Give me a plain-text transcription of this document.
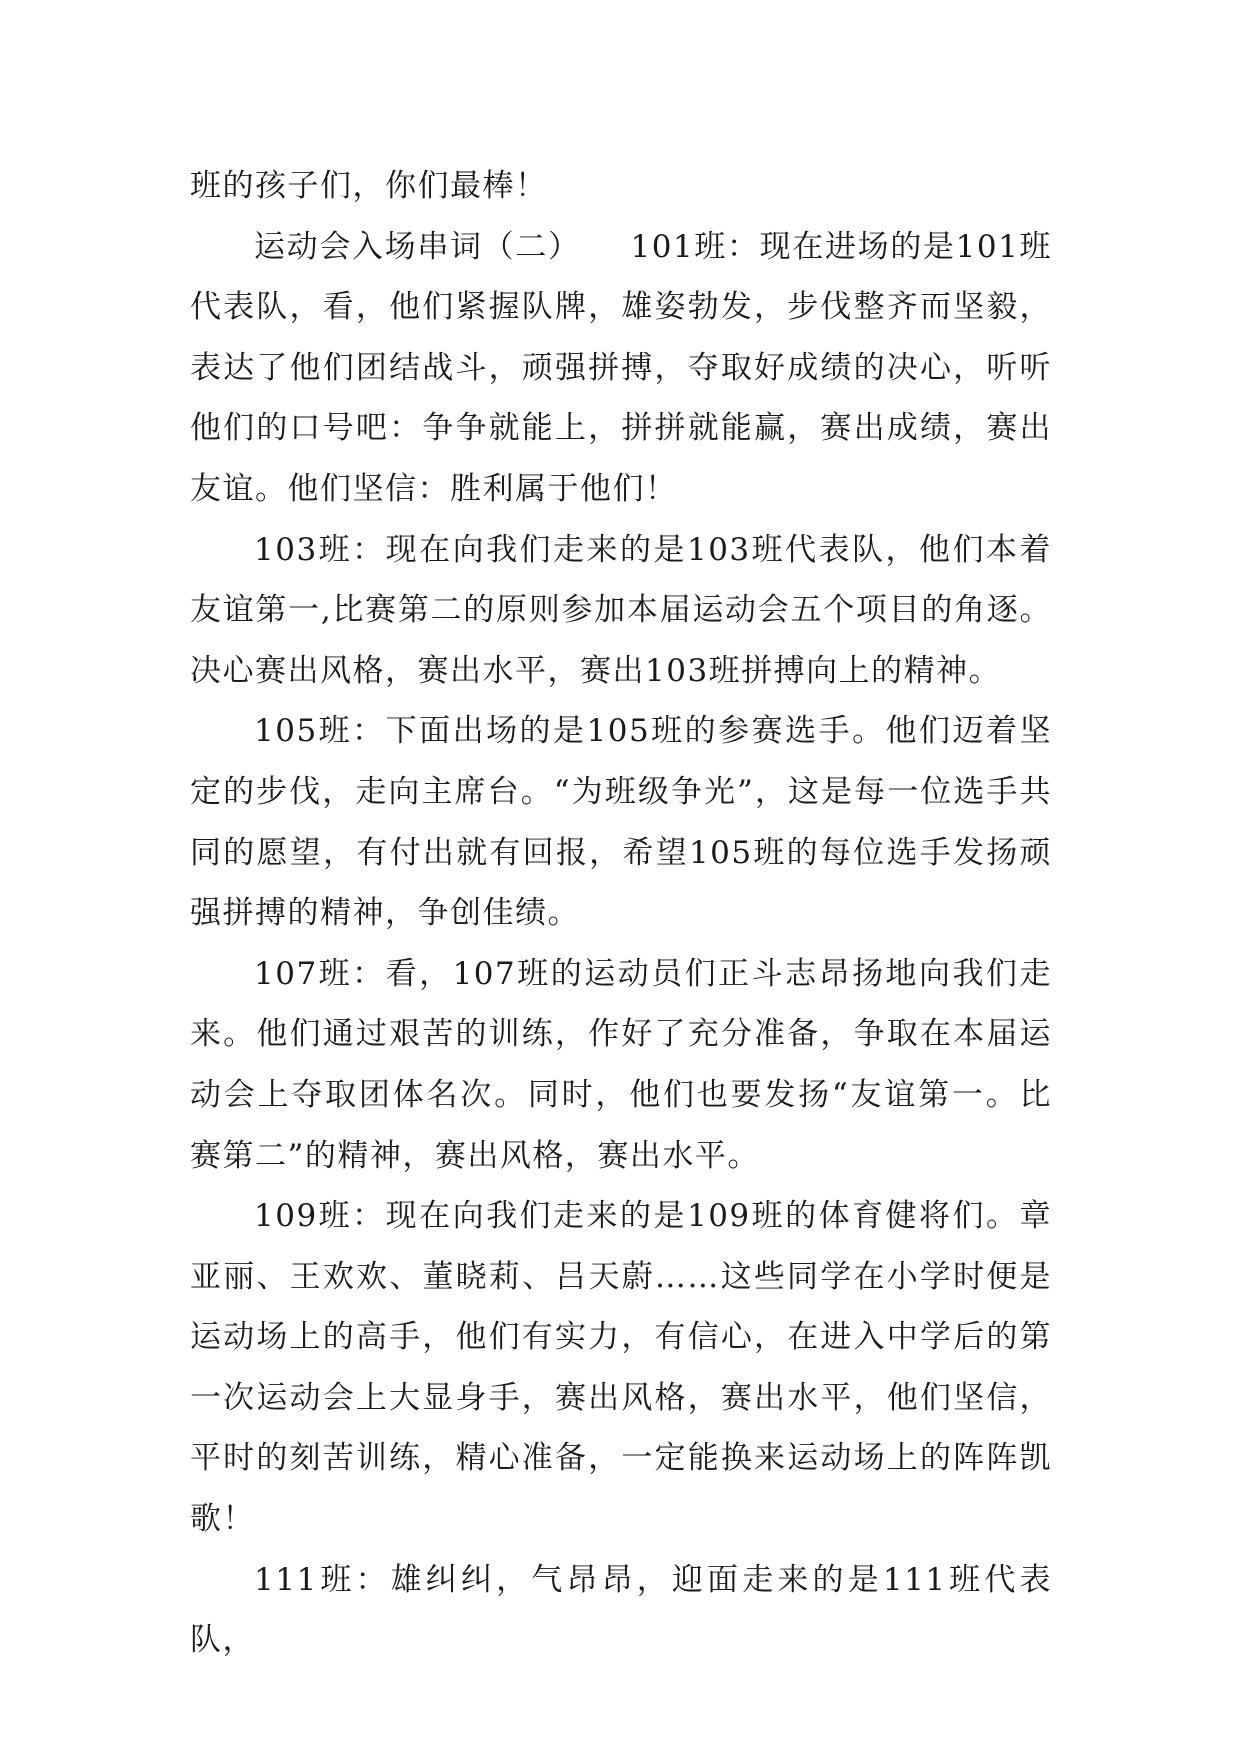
班的孩子们，你们最棒！

运动会入场串词（二）　　101班：现在进场的是101班代表队，看，他们紧握队牌，雄姿勃发，步伐整齐而坚毅，表达了他们团结战斗，顽强拼搏，夺取好成绩的决心，听听他们的口号吧：争争就能上，拼拼就能赢，赛出成绩，赛出友谊。他们坚信：胜利属于他们！

103班：现在向我们走来的是103班代表队，他们本着友谊第一,比赛第二的原则参加本届运动会五个项目的角逐。决心赛出风格，赛出水平，赛出103班拼搏向上的精神。

105班：下面出场的是105班的参赛选手。他们迈着坚定的步伐，走向主席台。“为班级争光”，这是每一位选手共同的愿望，有付出就有回报，希望105班的每位选手发扬顽强拼搏的精神，争创佳绩。

107班：看，107班的运动员们正斗志昂扬地向我们走来。他们通过艰苦的训练，作好了充分准备，争取在本届运动会上夺取团体名次。同时，他们也要发扬“友谊第一。比赛第二”的精神，赛出风格，赛出水平。

109班：现在向我们走来的是109班的体育健将们。章亚丽、王欢欢、董晓莉、吕天蔚……这些同学在小学时便是运动场上的高手，他们有实力，有信心，在进入中学后的第一次运动会上大显身手，赛出风格，赛出水平，他们坚信，平时的刻苦训练，精心准备，一定能换来运动场上的阵阵凯歌！

111班：雄纠纠，气昂昂，迎面走来的是111班代表队，
